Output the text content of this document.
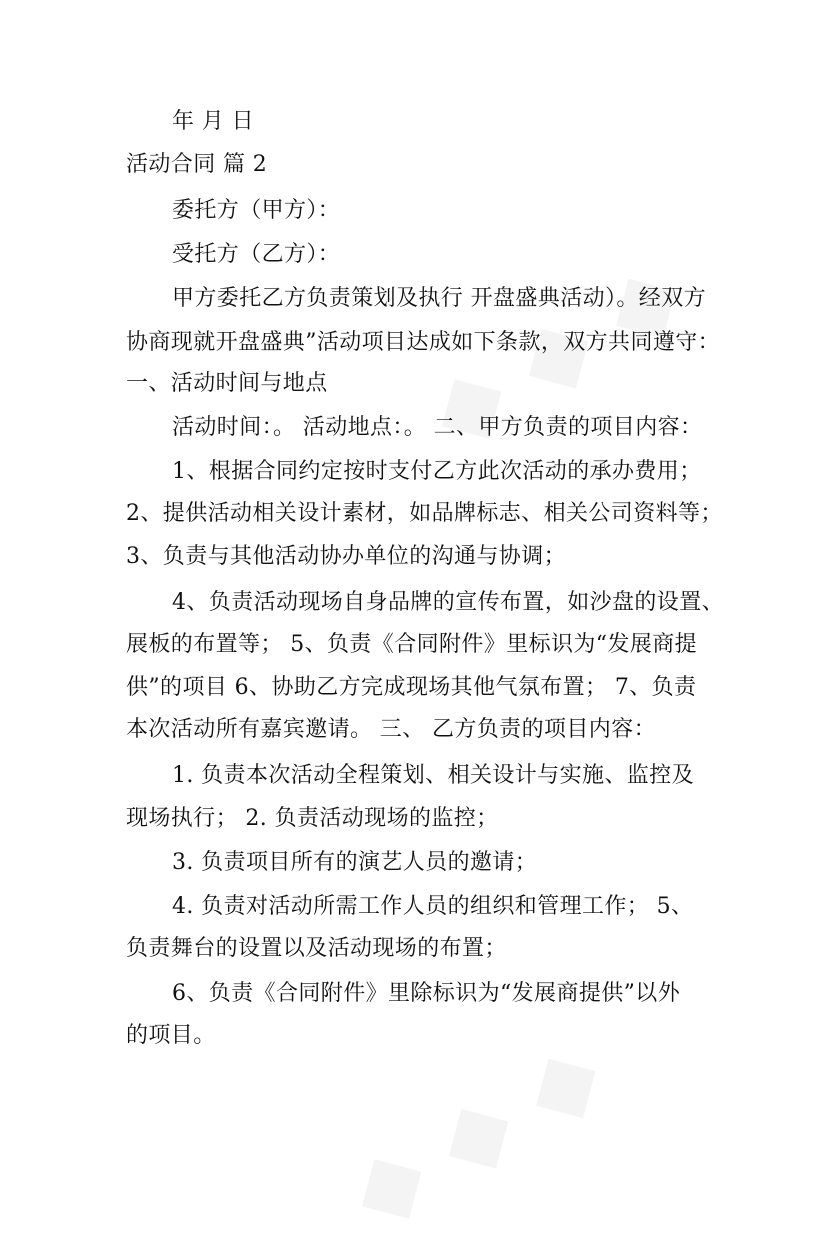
年 月 日
活动合同 篇 2
委托方（甲方）：
受托方（乙方）：
甲方委托乙方负责策划及执行 开盘盛典活动）。经双方
协商现就开盘盛典”活动项目达成如下条款，双方共同遵守：
一、活动时间与地点
活动时间：。 活动地点：。 二、甲方负责的项目内容：
1、根据合同约定按时支付乙方此次活动的承办费用；
2、提供活动相关设计素材，如品牌标志、相关公司资料等；
3、负责与其他活动协办单位的沟通与协调；
4、负责活动现场自身品牌的宣传布置，如沙盘的设置、
展板的布置等； 5、负责《合同附件》里标识为“发展商提
供”的项目 6、协助乙方完成现场其他气氛布置； 7、负责
本次活动所有嘉宾邀请。 三、 乙方负责的项目内容：
1. 负责本次活动全程策划、相关设计与实施、监控及
现场执行； 2. 负责活动现场的监控；
3. 负责项目所有的演艺人员的邀请；
4. 负责对活动所需工作人员的组织和管理工作； 5、
负责舞台的设置以及活动现场的布置；
6、负责《合同附件》里除标识为“发展商提供”以外
的项目。
